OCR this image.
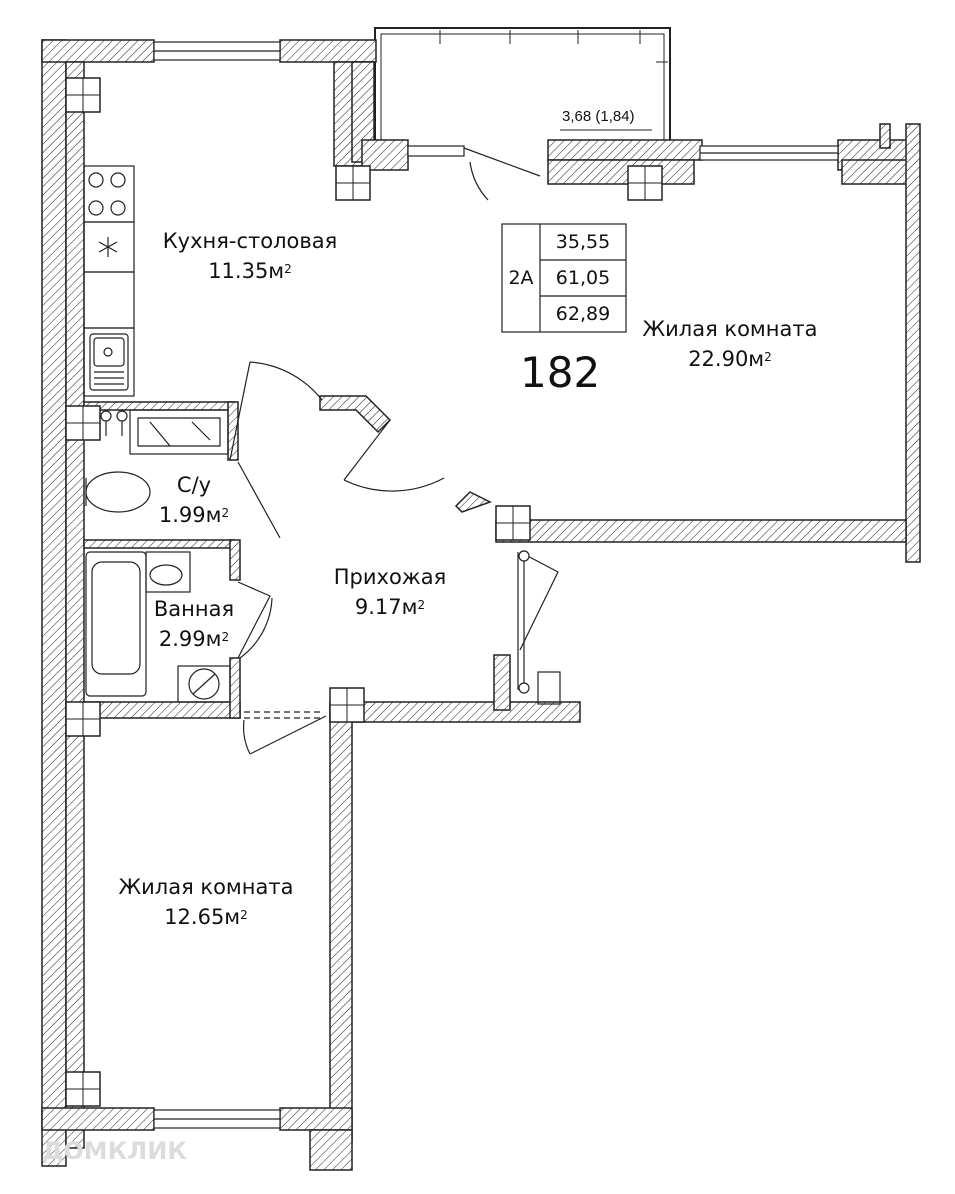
2А
35,55
61,05
62,89
182
3,68 (1,84)
Кухня-столовая
$11.35м^2$
Жилая комната
$22.90м^2$
С/у
$1.99м^2$
Ванная
$2.99м^2$
Прихожая
$9.17м^2$
Жилая комната
$12.65м^2$
ДОМКЛИК
